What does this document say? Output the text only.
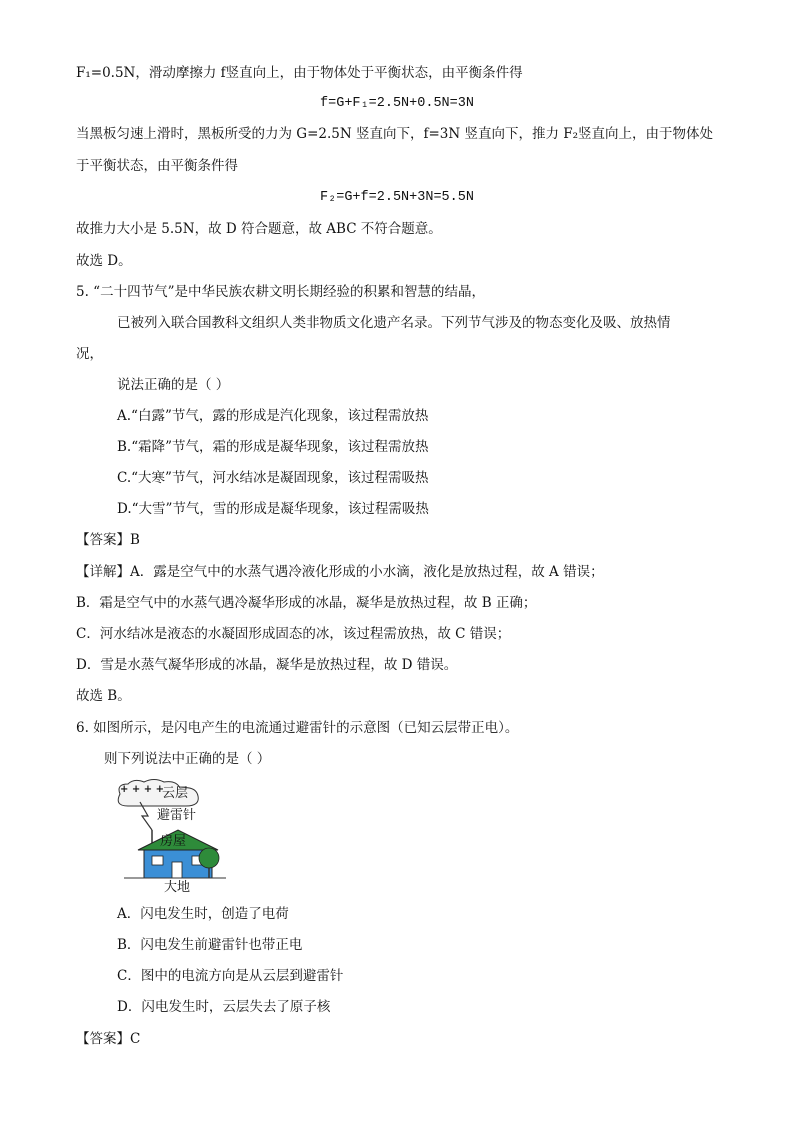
F₁=0.5N，滑动摩擦力 f竖直向上，由于物体处于平衡状态，由平衡条件得
f=G+F₁=2.5N+0.5N=3N
当黑板匀速上滑时，黑板所受的力为 G=2.5N 竖直向下，f=3N 竖直向下，推力 F₂竖直向上，由于物体处
于平衡状态，由平衡条件得
F₂=G+f=2.5N+3N=5.5N
故推力大小是 5.5N，故 D 符合题意，故 ABC 不符合题意。
故选 D。
5. “二十四节气”是中华民族农耕文明长期经验的积累和智慧的结晶，
已被列入联合国教科文组织人类非物质文化遗产名录。下列节气涉及的物态变化及吸、放热情
况，
说法正确的是（ ）
A.“白露”节气，露的形成是汽化现象，该过程需放热
B.“霜降”节气，霜的形成是凝华现象，该过程需放热
C.“大寒”节气，河水结冰是凝固现象，该过程需吸热
D.“大雪”节气，雪的形成是凝华现象，该过程需吸热
【答案】B
【详解】A．露是空气中的水蒸气遇冷液化形成的小水滴，液化是放热过程，故 A 错误；
B．霜是空气中的水蒸气遇冷凝华形成的冰晶，凝华是放热过程，故 B 正确；
C．河水结冰是液态的水凝固形成固态的冰，该过程需放热，故 C 错误；
D．雪是水蒸气凝华形成的冰晶，凝华是放热过程，故 D 错误。
故选 B。
6. 如图所示，是闪电产生的电流通过避雷针的示意图（已知云层带正电）。
则下列说法中正确的是（ ）
+ + + +
云层
避雷针
房屋
大地
A．闪电发生时，创造了电荷
B．闪电发生前避雷针也带正电
C．图中的电流方向是从云层到避雷针
D．闪电发生时，云层失去了原子核
【答案】C
